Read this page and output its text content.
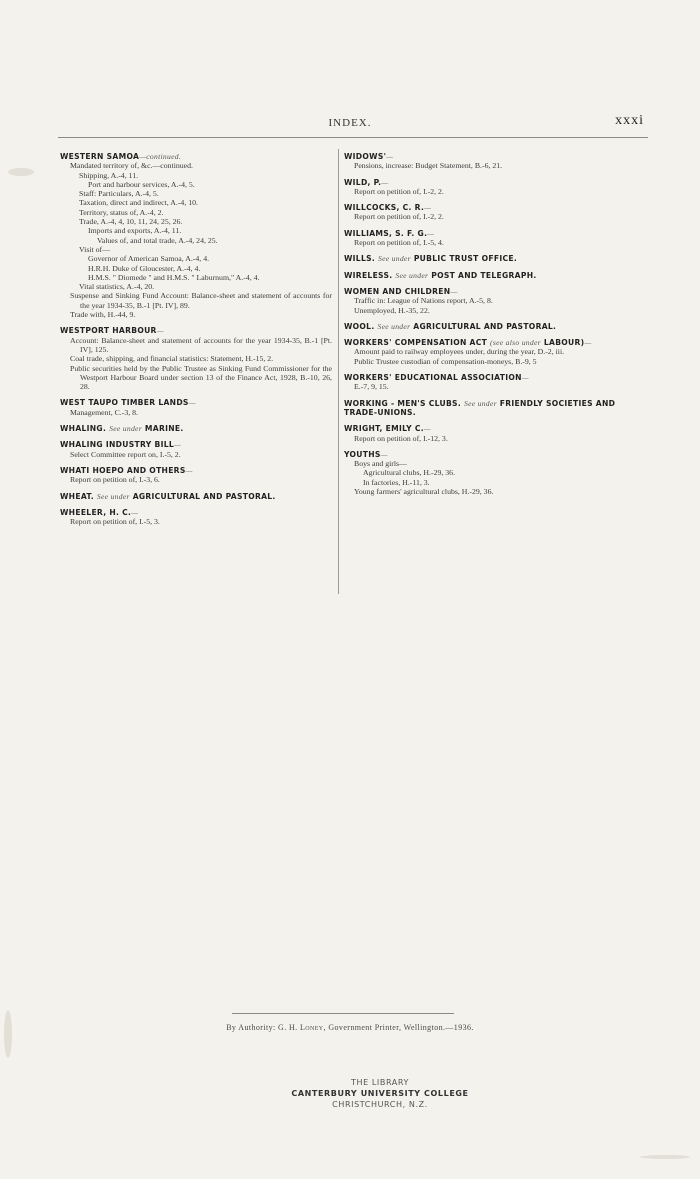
INDEX.	xxxi
WESTERN SAMOA—continued.
Mandated territory of, &c.—continued.
Shipping, A.-4, 11.
Port and harbour services, A.-4, 5.
Staff: Particulars, A.-4, 5.
Taxation, direct and indirect, A.-4, 10.
Territory, status of, A.-4, 2.
Trade, A.-4, 4, 10, 11, 24, 25, 26.
Imports and exports, A.-4, 11.
Values of, and total trade, A.-4, 24, 25.
Visit of—
Governor of American Samoa, A.-4, 4.
H.R.H. Duke of Gloucester, A.-4, 4.
H.M.S. " Diomede " and H.M.S. " Laburnum," A.-4, 4.
Vital statistics, A.-4, 20.
Suspense and Sinking Fund Account: Balance-sheet and statement of accounts for the year 1934-35, B.-1 [Pt. IV], 89.
Trade with, H.-44, 9.
WESTPORT HARBOUR—
Account: Balance-sheet and statement of accounts for the year 1934-35, B.-1 [Pt. IV], 125.
Coal trade, shipping, and financial statistics: Statement, H.-15, 2.
Public securities held by the Public Trustee as Sinking Fund Commissioner for the Westport Harbour Board under section 13 of the Finance Act, 1928, B.-10, 26, 28.
WEST TAUPO TIMBER LANDS—
Management, C.-3, 8.
WHALING. See under MARINE.
WHALING INDUSTRY BILL—
Select Committee report on, I.-5, 2.
WHATI HOEPO AND OTHERS—
Report on petition of, I.-3, 6.
WHEAT. See under AGRICULTURAL AND PASTORAL.
WHEELER, H. C.—
Report on petition of, I.-5, 3.
WIDOWS'—
Pensions, increase: Budget Statement, B.-6, 21.
WILD, P.—
Report on petition of, I.-2, 2.
WILLCOCKS, C. R.—
Report on petition of, I.-2, 2.
WILLIAMS, S. F. G.—
Report on petition of, I.-5, 4.
WILLS. See under PUBLIC TRUST OFFICE.
WIRELESS. See under POST AND TELEGRAPH.
WOMEN AND CHILDREN—
Traffic in: League of Nations report, A.-5, 8.
Unemployed, H.-35, 22.
WOOL. See under AGRICULTURAL AND PASTORAL.
WORKERS' COMPENSATION ACT (see also under LABOUR)—
Amount paid to railway employees under, during the year, D.-2, iii.
Public Trustee custodian of compensation-moneys, B.-9, 5
WORKERS' EDUCATIONAL ASSOCIATION—
E.-7, 9, 15.
WORKING - MEN'S CLUBS. See under FRIENDLY SOCIETIES AND TRADE-UNIONS.
WRIGHT, EMILY C.—
Report on petition of, I.-12, 3.
YOUTHS—
Boys and girls—
Agricultural clubs, H.-29, 36.
In factories, H.-11, 3.
Young farmers' agricultural clubs, H.-29, 36.
By Authority: G. H. Loney, Government Printer, Wellington.—1936.
THE LIBRARY
CANTERBURY UNIVERSITY COLLEGE
CHRISTCHURCH, N.Z.
